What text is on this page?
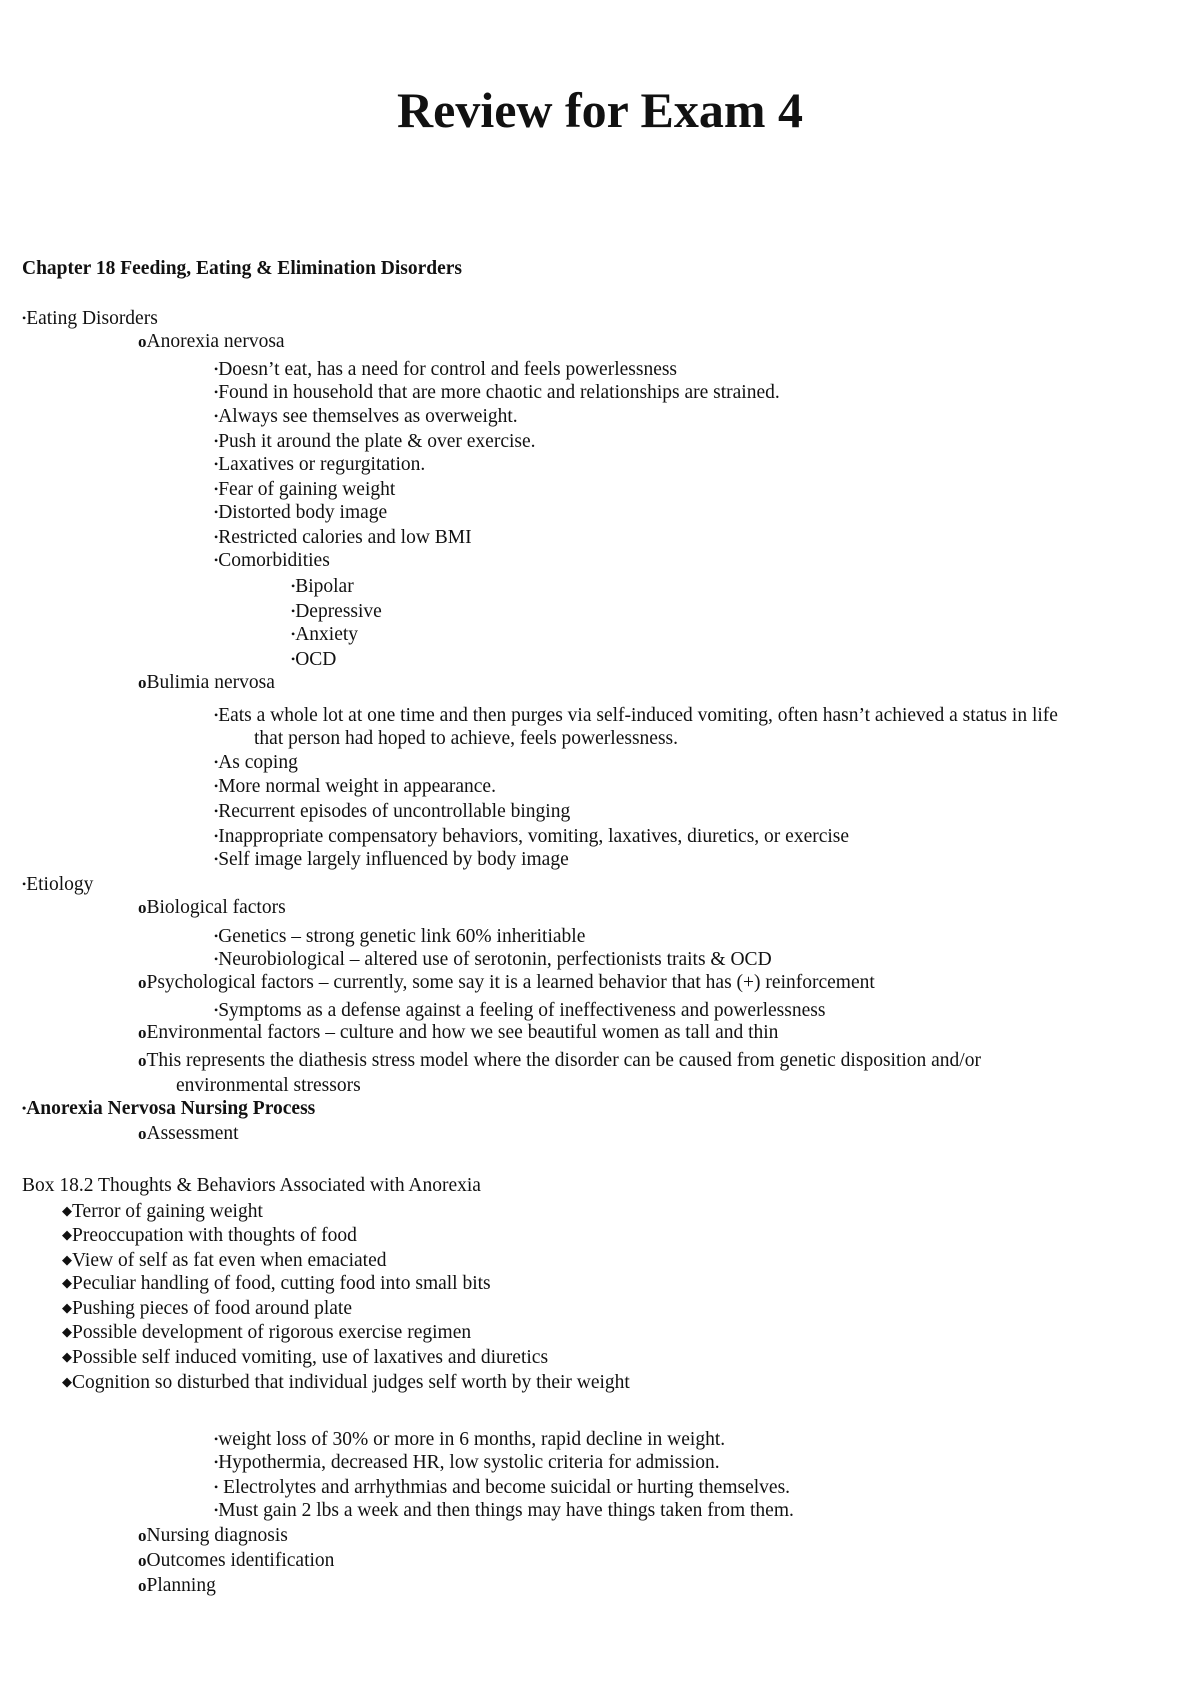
Review for Exam 4

Chapter 18 Feeding, Eating & Elimination Disorders

•Eating Disorders

oAnorexia nervosa

•Doesn’t eat, has a need for control and feels powerlessness

•Found in household that are more chaotic and relationships are strained.

•Always see themselves as overweight.

•Push it around the plate & over exercise.

•Laxatives or regurgitation.

•Fear of gaining weight

•Distorted body image

•Restricted calories and low BMI

•Comorbidities

•Bipolar

•Depressive

•Anxiety

•OCD

oBulimia nervosa

•Eats a whole lot at one time and then purges via self-induced vomiting, often hasn’t achieved a status in life

that person had hoped to achieve, feels powerlessness.

•As coping

•More normal weight in appearance.

•Recurrent episodes of uncontrollable binging

•Inappropriate compensatory behaviors, vomiting, laxatives, diuretics, or exercise

•Self image largely influenced by body image

•Etiology

oBiological factors

•Genetics – strong genetic link 60% inheritiable

•Neurobiological – altered use of serotonin, perfectionists traits & OCD

oPsychological factors – currently, some say it is a learned behavior that has (+) reinforcement

•Symptoms as a defense against a feeling of ineffectiveness and powerlessness

oEnvironmental factors – culture and how we see beautiful women as tall and thin

oThis represents the diathesis stress model where the disorder can be caused from genetic disposition and/or

environmental stressors

•Anorexia Nervosa Nursing Process

oAssessment

Box 18.2 Thoughts & Behaviors Associated with Anorexia

◆Terror of gaining weight

◆Preoccupation with thoughts of food

◆View of self as fat even when emaciated

◆Peculiar handling of food, cutting food into small bits

◆Pushing pieces of food around plate

◆Possible development of rigorous exercise regimen

◆Possible self induced vomiting, use of laxatives and diuretics

◆Cognition so disturbed that individual judges self worth by their weight

•weight loss of 30% or more in 6 months, rapid decline in weight.

•Hypothermia, decreased HR, low systolic criteria for admission.

• Electrolytes and arrhythmias and become suicidal or hurting themselves.

•Must gain 2 lbs a week and then things may have things taken from them.

oNursing diagnosis

oOutcomes identification

oPlanning
